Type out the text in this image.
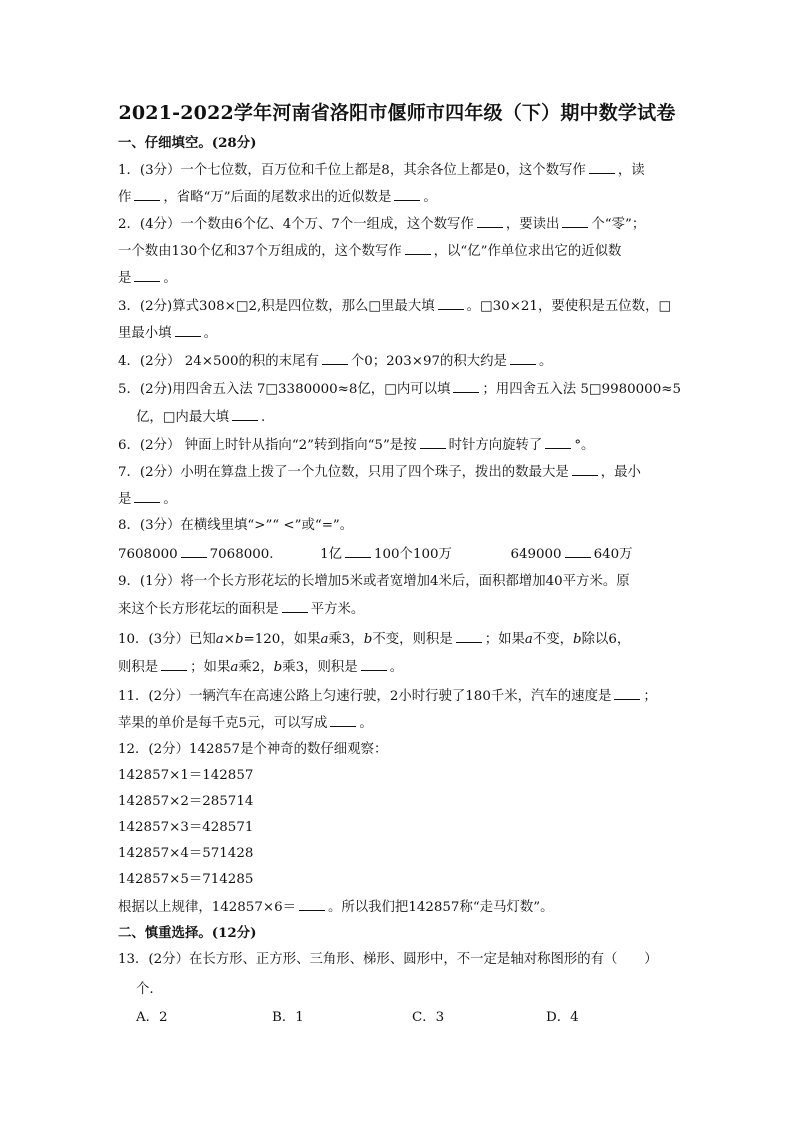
2021-2022学年河南省洛阳市偃师市四年级（下）期中数学试卷
一、仔细填空。(28分)
1．(3分）一个七位数，百万位和千位上都是8，其余各位上都是0，这个数写作 ，读
作 ，省略“万”后面的尾数求出的近似数是 。
2．(4分）一个数由6个亿、4个万、7个一组成，这个数写作 ，要读出 个“零”；
一个数由130个亿和37个万组成的，这个数写作 ，以“亿”作单位求出它的近似数
是 。
3．(2分)算式308×□2,积是四位数，那么□里最大填 。□30×21，要使积是五位数，□
里最小填 。
4．(2分） 24×500的积的末尾有 个0；203×97的积大约是 。
5．(2分)用四舍五入法 7□3380000≈8亿，□内可以填 ；用四舍五入法 5□9980000≈5
亿，□内最大填 .
6．(2分） 钟面上时针从指向“2”转到指向“5”是按 时针方向旋转了 °。
7．(2分）小明在算盘上拨了一个九位数，只用了四个珠子，拨出的数最大是 ，最小
是 。
8．(3分）在横线里填“>”“ <”或“=”。
7608000 7068000.	1亿 100个100万	649000 640万
9．(1分）将一个长方形花坛的长增加5米或者宽增加4米后，面积都增加40平方米。原
来这个长方形花坛的面积是 平方米。
10．(3分）已知a×b=120，如果a乘3，b不变，则积是 ；如果a不变，b除以6，
则积是 ；如果a乘2，b乘3，则积是 。
11．(2分）一辆汽车在高速公路上匀速行驶，2小时行驶了180千米，汽车的速度是 ；
苹果的单价是每千克5元，可以写成 。
12．(2分）142857是个神奇的数仔细观察：
142857×1＝142857
142857×2＝285714
142857×3＝428571
142857×4＝571428
142857×5＝714285
根据以上规律，142857×6＝ 。所以我们把142857称“走马灯数”。
二、慎重选择。(12分)
13．(2分）在长方形、正方形、三角形、梯形、圆形中，不一定是轴对称图形的有（　　）
个.
A．2	B．1	C．3	D．4
